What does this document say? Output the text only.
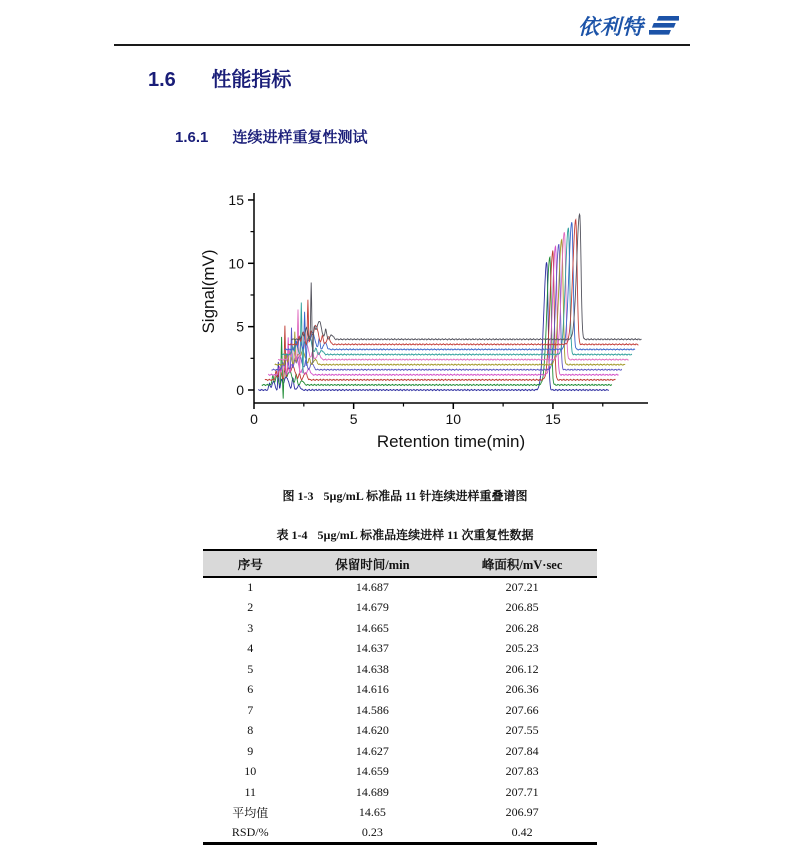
依利特
1.6 性能指标
1.6.1 连续进样重复性测试
0	5	10	15
0
5
10
15
Retention time(min)
Signal(mV)
图 1-3 5µg/mL 标准品 11 针连续进样重叠谱图
表 1-4 5µg/mL 标准品连续进样 11 次重复性数据
序号	保留时间/min	峰面积/mV·sec
1	14.687	207.21
2	14.679	206.85
3	14.665	206.28
4	14.637	205.23
5	14.638	206.12
6	14.616	206.36
7	14.586	207.66
8	14.620	207.55
9	14.627	207.84
10	14.659	207.83
11	14.689	207.71
平均值	14.65	206.97
RSD/%	0.23	0.42
